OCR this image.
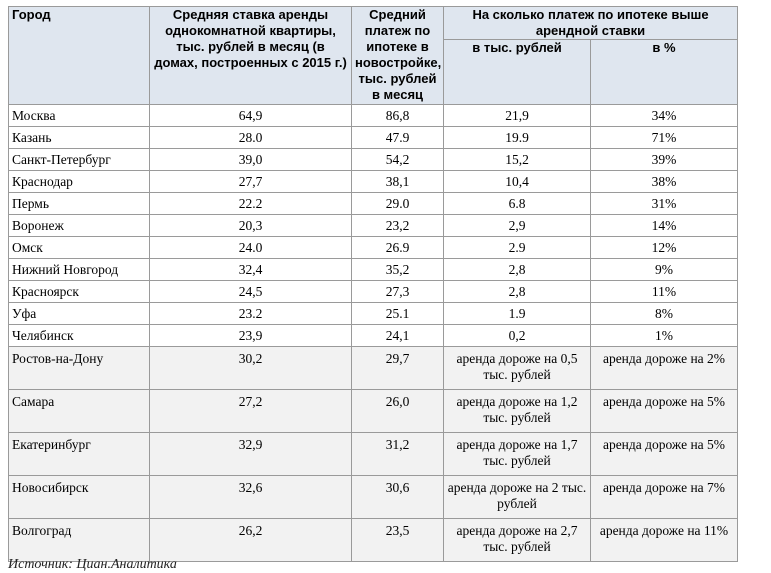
Город	Средняя ставка аренды однокомнатной квартиры, тыс. рублей в месяц (в домах, построенных с 2015 г.)	Средний платеж по ипотеке в новостройке, тыс. рублей в месяц	На сколько платеж по ипотеке выше арендной ставки	
			в тыс. рублей	в %
Москва	64,9	86,8	21,9	34%
Казань	28.0	47.9	19.9	71%
Санкт-Петербург	39,0	54,2	15,2	39%
Краснодар	27,7	38,1	10,4	38%
Пермь	22.2	29.0	6.8	31%
Воронеж	20,3	23,2	2,9	14%
Омск	24.0	26.9	2.9	12%
Нижний Новгород	32,4	35,2	2,8	9%
Красноярск	24,5	27,3	2,8	11%
Уфа	23.2	25.1	1.9	8%
Челябинск	23,9	24,1	0,2	1%
Ростов-на-Дону	30,2	29,7	аренда дороже на 0,5 тыс. рублей	аренда дороже на 2%
Самара	27,2	26,0	аренда дороже на 1,2 тыс. рублей	аренда дороже на 5%
Екатеринбург	32,9	31,2	аренда дороже на 1,7 тыс. рублей	аренда дороже на 5%
Новосибирск	32,6	30,6	аренда дороже на 2 тыс. рублей	аренда дороже на 7%
Волгоград	26,2	23,5	аренда дороже на 2,7 тыс. рублей	аренда дороже на 11%
Источник: Циан.Аналитика
